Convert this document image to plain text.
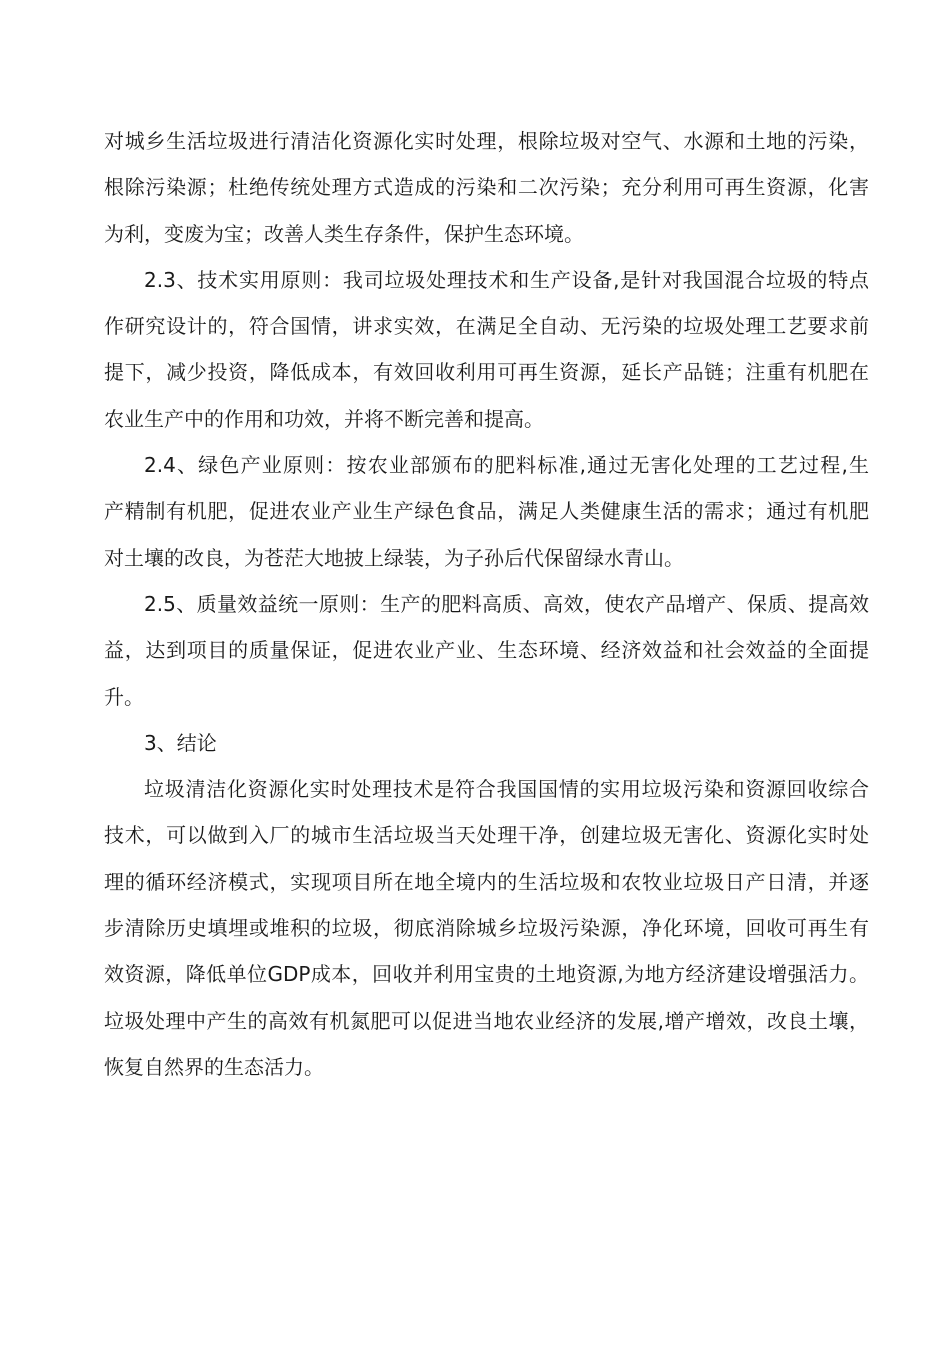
对城乡生活垃圾进行清洁化资源化实时处理，根除垃圾对空气、水源和土地的污染，
根除污染源；杜绝传统处理方式造成的污染和二次污染；充分利用可再生资源，化害
为利，变废为宝；改善人类生存条件，保护生态环境。
2.3、技术实用原则：我司垃圾处理技术和生产设备,是针对我国混合垃圾的特点
作研究设计的，符合国情，讲求实效，在满足全自动、无污染的垃圾处理工艺要求前
提下，减少投资，降低成本，有效回收利用可再生资源，延长产品链；注重有机肥在
农业生产中的作用和功效，并将不断完善和提高。
2.4、绿色产业原则：按农业部颁布的肥料标准,通过无害化处理的工艺过程,生
产精制有机肥，促进农业产业生产绿色食品，满足人类健康生活的需求；通过有机肥
对土壤的改良，为苍茫大地披上绿装，为子孙后代保留绿水青山。
2.5、质量效益统一原则：生产的肥料高质、高效，使农产品增产、保质、提高效
益，达到项目的质量保证，促进农业产业、生态环境、经济效益和社会效益的全面提
升。
3、结论
垃圾清洁化资源化实时处理技术是符合我国国情的实用垃圾污染和资源回收综合
技术，可以做到入厂的城市生活垃圾当天处理干净，创建垃圾无害化、资源化实时处
理的循环经济模式，实现项目所在地全境内的生活垃圾和农牧业垃圾日产日清，并逐
步清除历史填埋或堆积的垃圾，彻底消除城乡垃圾污染源，净化环境，回收可再生有
效资源，降低单位GDP成本，回收并利用宝贵的土地资源,为地方经济建设增强活力。
垃圾处理中产生的高效有机氮肥可以促进当地农业经济的发展,增产增效，改良土壤，
恢复自然界的生态活力。
